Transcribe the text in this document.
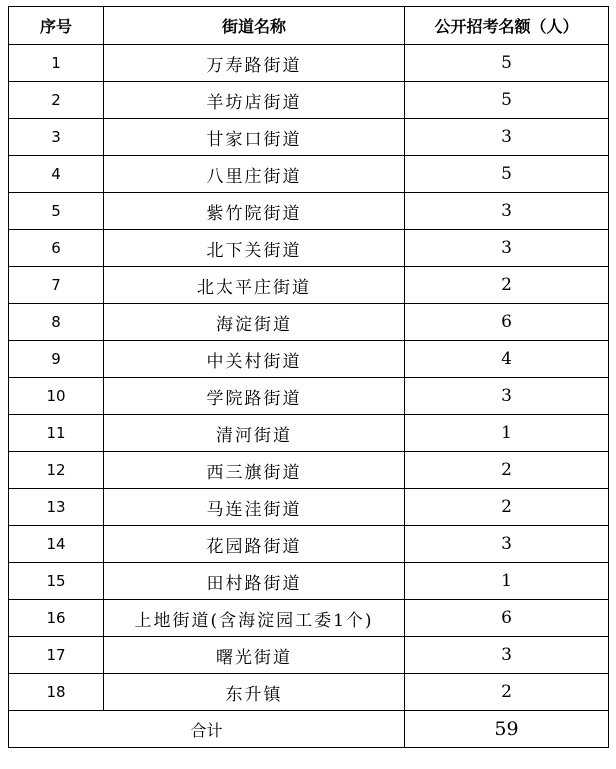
序号	街道名称	公开招考名额（人）
1	万寿路街道	5
2	羊坊店街道	5
3	甘家口街道	3
4	八里庄街道	5
5	紫竹院街道	3
6	北下关街道	3
7	北太平庄街道	2
8	海淀街道	6
9	中关村街道	4
10	学院路街道	3
11	清河街道	1
12	西三旗街道	2
13	马连洼街道	2
14	花园路街道	3
15	田村路街道	1
16	上地街道(含海淀园工委1个)	6
17	曙光街道	3
18	东升镇	2
合计		59
